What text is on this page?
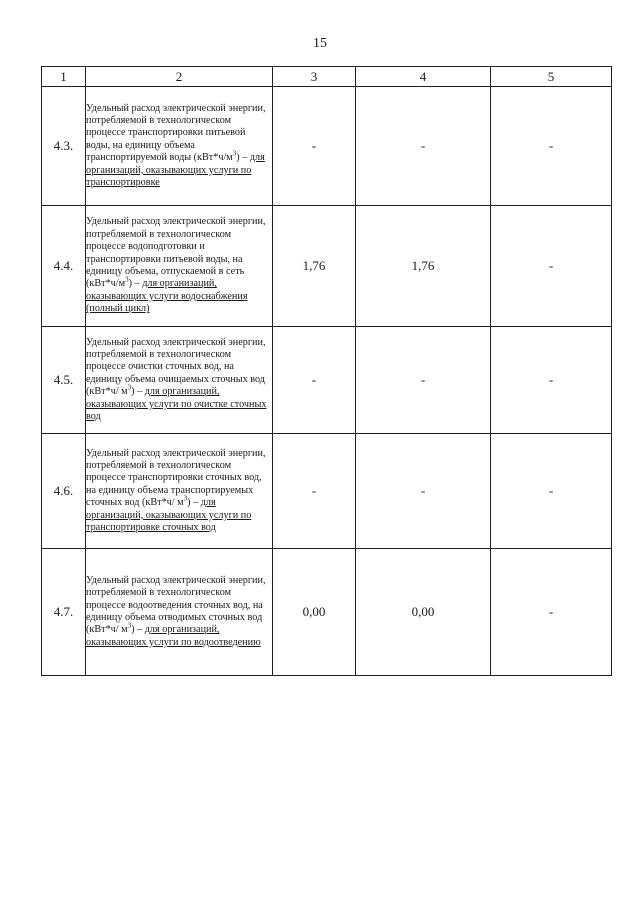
15
1	2	3	4	5
4.3.	Удельный расход электрической энергии, потребляемой в технологическом процессе транспортировки питьевой воды, на единицу объема транспортируемой воды $(кВт*ч/м^3)$ – для организаций, оказывающих услуги по транспортировке	-	-	-
4.4.	Удельный расход электрической энергии, потребляемой в технологическом процессе водоподготовки и транспортировки питьевой воды, на единицу объема, отпускаемой в сеть $(кВт*ч/м^3)$ – для организаций, оказывающих услуги водоснабжения (полный цикл)	1,76	1,76	-
4.5.	Удельный расход электрической энергии, потребляемой в технологическом процессе очистки сточных вод, на единицу объема очищаемых сточных вод (кВт*ч/ $м^3$) – для организаций, оказывающих услуги по очистке сточных вод	-	-	-
4.6.	Удельный расход электрической энергии, потребляемой в технологическом процессе транспортировки сточных вод, на единицу объема транспортируемых сточных вод (кВт*ч/ $м^3$) – для организаций, оказывающих услуги по транспортировке сточных вод	-	-	-
4.7.	Удельный расход электрической энергии, потребляемой в технологическом процессе водоотведения сточных вод, на единицу объема отводимых сточных вод (кВт*ч/ $м^3$) – для организаций, оказывающих услуги по водоотведению	0,00	0,00	-
